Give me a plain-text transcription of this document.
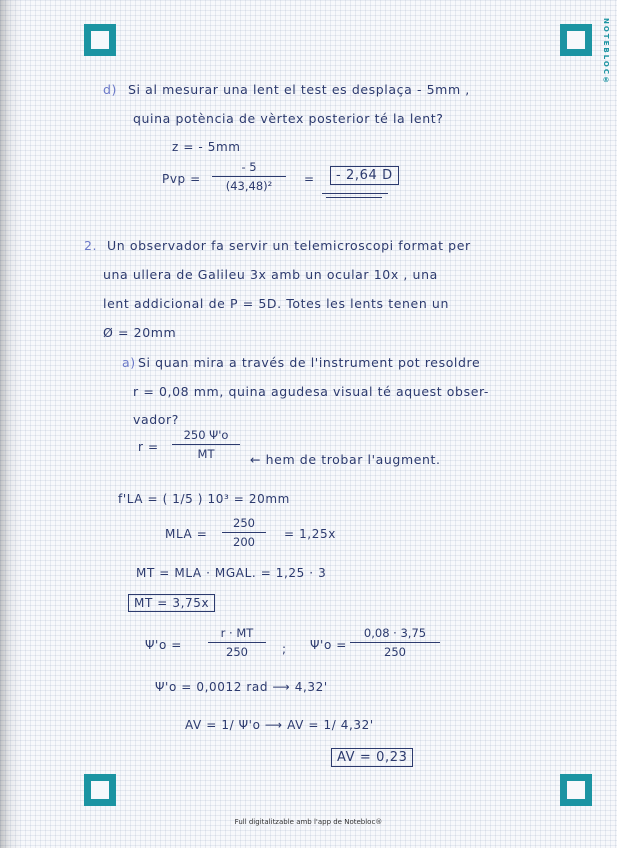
NOTEBLOC®
d) Si al mesurar una lent el test es desplaça - 5mm ,
quina potència de vèrtex posterior té la lent?
z = - 5mm
Pvp =
- 5
(43,48)²	=	- 2,64 D
2. Un observador fa servir un telemicroscopi format per
una ullera de Galileu 3x amb un ocular 10x , una
lent addicional de P = 5D. Totes les lents tenen un
Ø = 20mm
a) Si quan mira a través de l'instrument pot resoldre
r = 0,08 mm, quina agudesa visual té aquest obser-
vador?
r =
250 Ψ'o
MT	← hem de trobar l'augment.
f'LA = ( 1/5 ) 10³ = 20mm
MLA =
250
200
= 1,25x
MT = MLA · MGAL. = 1,25 · 3
MT = 3,75x
Ψ'o =
r · MT
250	; Ψ'o =
0,08 · 3,75
250
Ψ'o = 0,0012 rad ⟶ 4,32'
AV = 1/ Ψ'o ⟶ AV = 1/ 4,32'
AV = 0,23
Full digitalitzable amb l'app de Notebloc®
